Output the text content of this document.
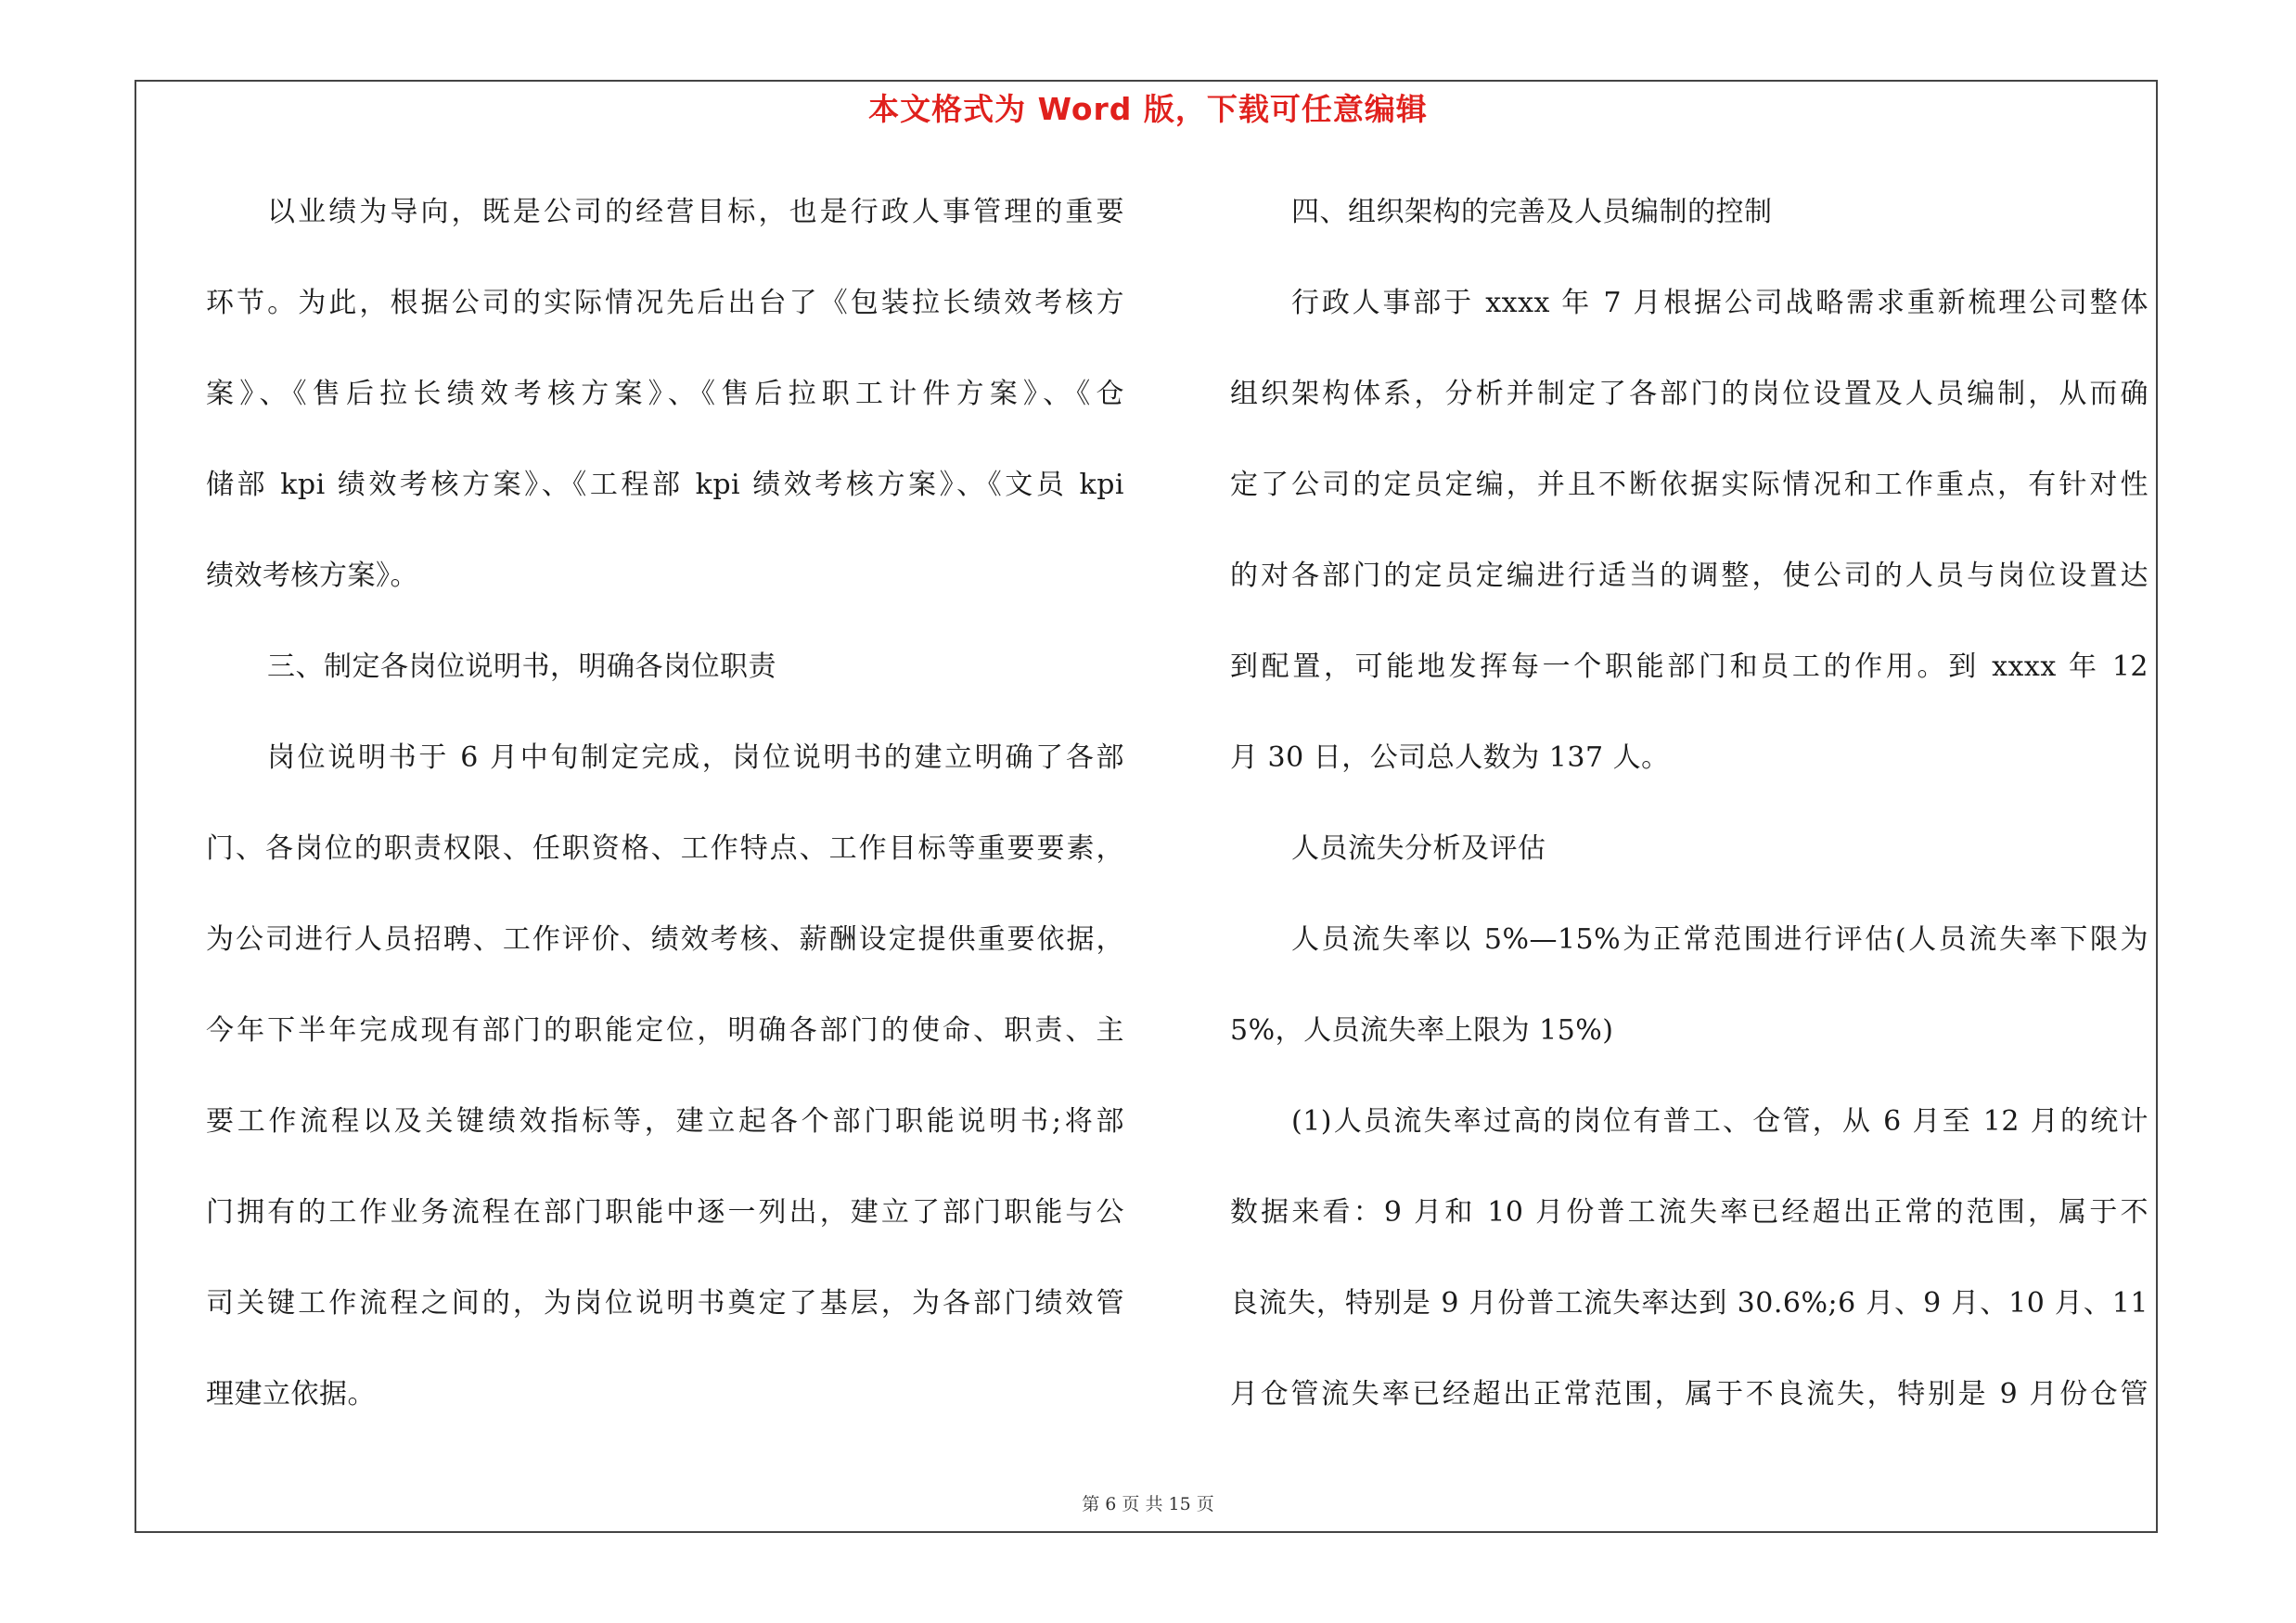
本文格式为 Word 版，下载可任意编辑
以业绩为导向，既是公司的经营目标，也是行政人事管理的重要
环节。为此，根据公司的实际情况先后出台了《包装拉长绩效考核方
案》、《售后拉长绩效考核方案》、《售后拉职工计件方案》、《仓
储部 kpi 绩效考核方案》、《工程部 kpi 绩效考核方案》、《文员 kpi
绩效考核方案》。
三、制定各岗位说明书，明确各岗位职责
岗位说明书于 6 月中旬制定完成，岗位说明书的建立明确了各部
门、各岗位的职责权限、任职资格、工作特点、工作目标等重要要素，
为公司进行人员招聘、工作评价、绩效考核、薪酬设定提供重要依据，
今年下半年完成现有部门的职能定位，明确各部门的使命、职责、主
要工作流程以及关键绩效指标等，建立起各个部门职能说明书;将部
门拥有的工作业务流程在部门职能中逐一列出，建立了部门职能与公
司关键工作流程之间的，为岗位说明书奠定了基层，为各部门绩效管
理建立依据。
四、组织架构的完善及人员编制的控制
行政人事部于 xxxx 年 7 月根据公司战略需求重新梳理公司整体
组织架构体系，分析并制定了各部门的岗位设置及人员编制，从而确
定了公司的定员定编，并且不断依据实际情况和工作重点，有针对性
的对各部门的定员定编进行适当的调整，使公司的人员与岗位设置达
到配置，可能地发挥每一个职能部门和员工的作用。到 xxxx 年 12
月 30 日，公司总人数为 137 人。
人员流失分析及评估
人员流失率以 5%—15%为正常范围进行评估(人员流失率下限为
5%，人员流失率上限为 15%)
(1)人员流失率过高的岗位有普工、仓管，从 6 月至 12 月的统计
数据来看：9 月和 10 月份普工流失率已经超出正常的范围，属于不
良流失，特别是 9 月份普工流失率达到 30.6%;6 月、9 月、10 月、11
月仓管流失率已经超出正常范围，属于不良流失，特别是 9 月份仓管
第 6 页 共 15 页
